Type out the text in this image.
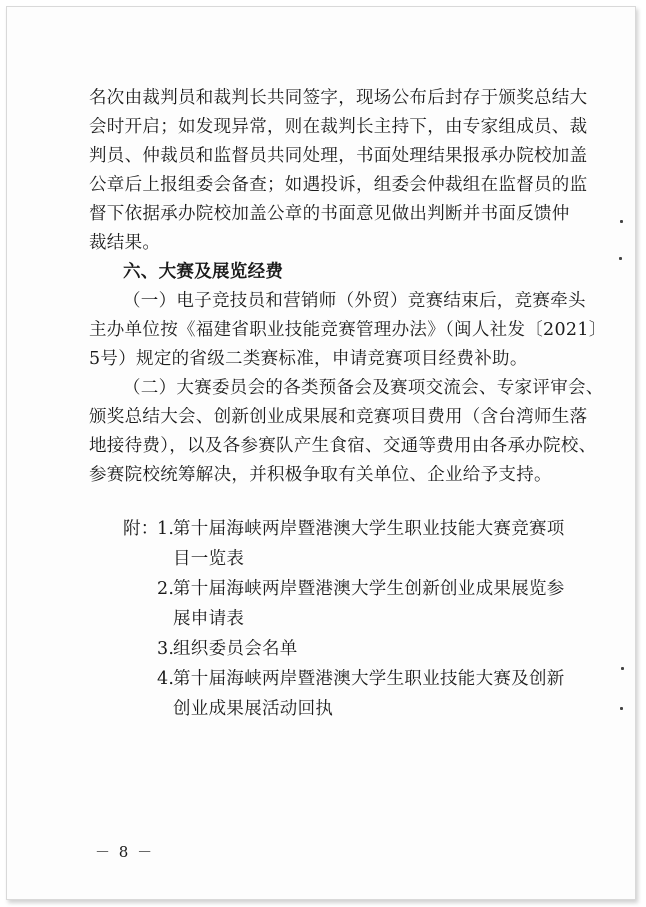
名次由裁判员和裁判长共同签字，现场公布后封存于颁奖总结大
会时开启；如发现异常，则在裁判长主持下，由专家组成员、裁
判员、仲裁员和监督员共同处理，书面处理结果报承办院校加盖
公章后上报组委会备查；如遇投诉，组委会仲裁组在监督员的监
督下依据承办院校加盖公章的书面意见做出判断并书面反馈仲
裁结果。
六、大赛及展览经费
（一）电子竞技员和营销师（外贸）竞赛结束后，竞赛牵头
主办单位按《福建省职业技能竞赛管理办法》（闽人社发〔2021〕
5号）规定的省级二类赛标准，申请竞赛项目经费补助。
（二）大赛委员会的各类预备会及赛项交流会、专家评审会、
颁奖总结大会、创新创业成果展和竞赛项目费用（含台湾师生落
地接待费），以及各参赛队产生食宿、交通等费用由各承办院校、
参赛院校统筹解决，并积极争取有关单位、企业给予支持。
附：
1.
第十届海峡两岸暨港澳大学生职业技能大赛竞赛项
目一览表
2.
第十届海峡两岸暨港澳大学生创新创业成果展览参
展申请表
3.
组织委员会名单
4.
第十届海峡两岸暨港澳大学生职业技能大赛及创新
创业成果展活动回执
－ 8 －
